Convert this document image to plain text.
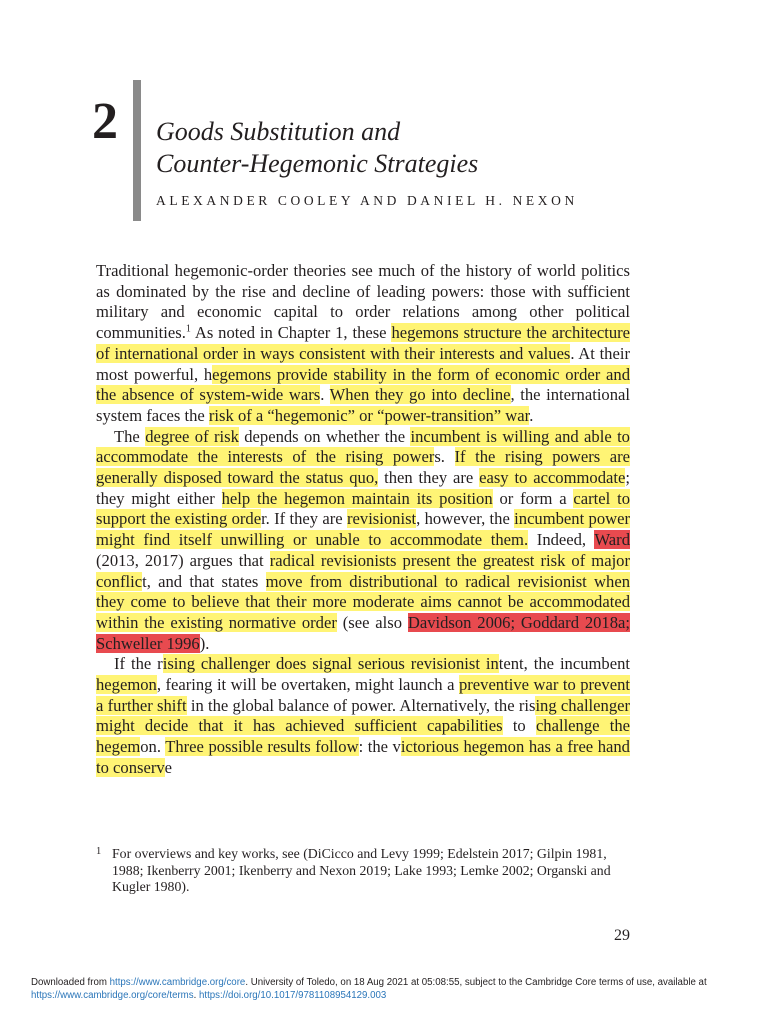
2 Goods Substitution and
Counter-Hegemonic Strategies
ALEXANDER COOLEY AND DANIEL H. NEXON

Traditional hegemonic-order theories see much of the history of world politics as dominated by the rise and decline of leading powers: those with sufficient military and economic capital to order relations among other political communities.$^1$ As noted in Chapter 1, these hegemons structure the architecture of international order in ways consistent with their interests and values. At their most powerful, hegemons provide stability in the form of economic order and the absence of system-wide wars. When they go into decline, the international system faces the risk of a “hegemonic” or “power-transition” war.

The degree of risk depends on whether the incumbent is willing and able to accommodate the interests of the rising powers. If the rising powers are generally disposed toward the status quo, then they are easy to accommodate; they might either help the hegemon maintain its position or form a cartel to support the existing order. If they are revisionist, however, the incumbent power might find itself unwilling or unable to accommodate them. Indeed, Ward (2013, 2017) argues that radical revisionists present the greatest risk of major conflict, and that states move from distributional to radical revisionist when they come to believe that their more moderate aims cannot be accommodated within the existing normative order (see also Davidson 2006; Goddard 2018a; Schweller 1996).

If the rising challenger does signal serious revisionist intent, the incumbent hegemon, fearing it will be overtaken, might launch a preventive war to prevent a further shift in the global balance of power. Alternatively, the rising challenger might decide that it has achieved sufficient capabilities to challenge the hegemon. Three possible results follow: the victorious hegemon has a free hand to conserve

1 For overviews and key works, see (DiCicco and Levy 1999; Edelstein 2017; Gilpin 1981, 1988; Ikenberry 2001; Ikenberry and Nexon 2019; Lake 1993; Lemke 2002; Organski and Kugler 1980).
29
Downloaded from https://www.cambridge.org/core. University of Toledo, on 18 Aug 2021 at 05:08:55, subject to the Cambridge Core terms of use, available at https://www.cambridge.org/core/terms. https://doi.org/10.1017/9781108954129.003
